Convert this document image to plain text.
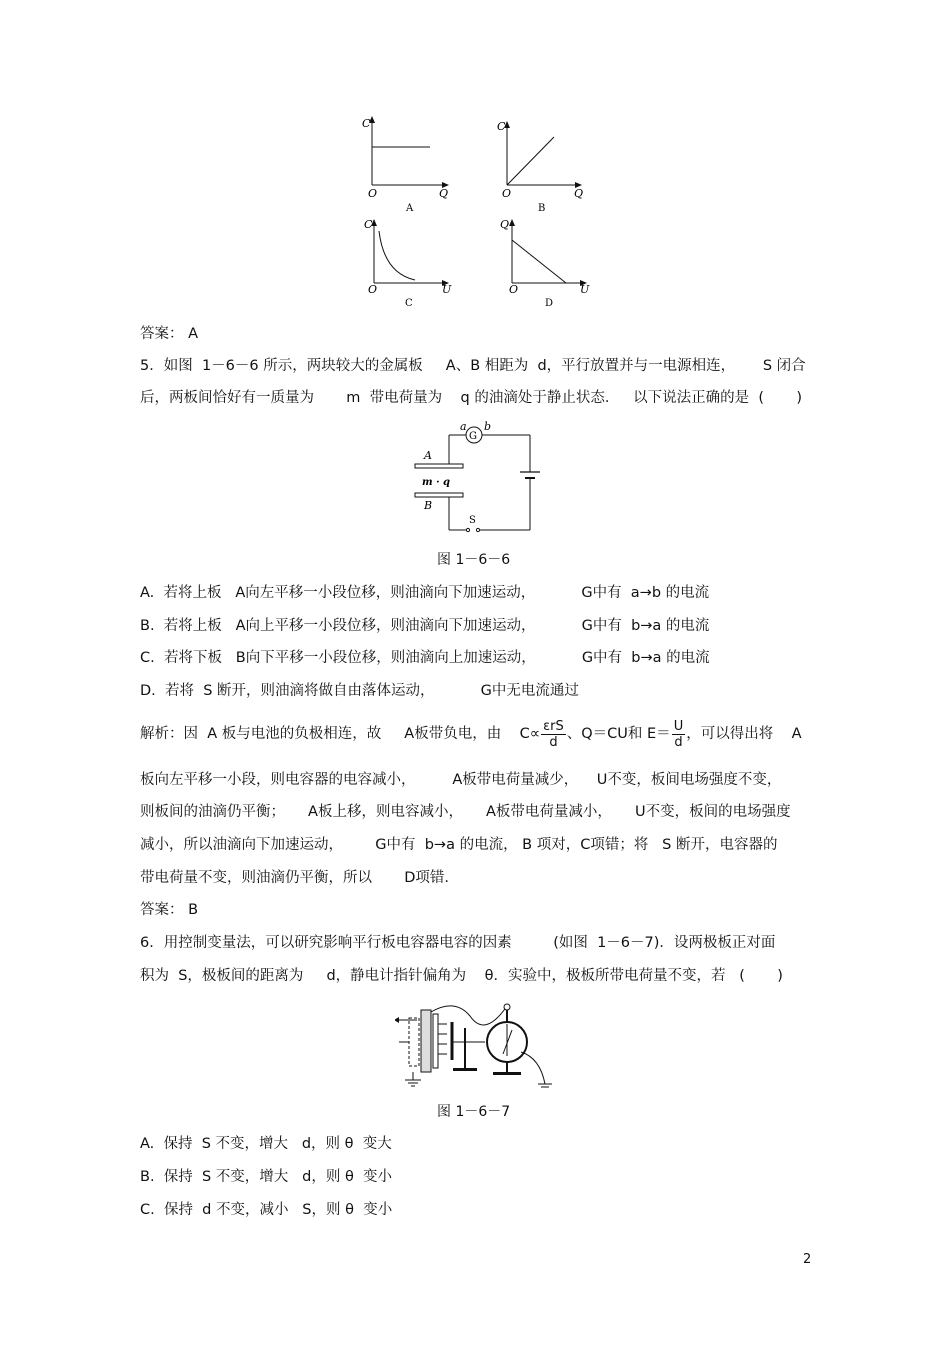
C
Q
O
A
C
Q
O
B
C
U
O
C
Q
U
O
D
答案： A
5．如图  1－6－6 所示，两块较大的金属板     A、B 相距为  d，平行放置并与一电源相连，      S 闭合
后，两板间恰好有一质量为       m  带电荷量为    q 的油滴处于静止状态．   以下说法正确的是  (       )
G
a b
S
A
B
m · q
图 1－6－6
A.  若将上板   A向左平移一小段位移，则油滴向下加速运动，          G中有  a→b 的电流
B.  若将上板   A向上平移一小段位移，则油滴向下加速运动，          G中有  b→a 的电流
C.  若将下板   B向下平移一小段位移，则油滴向上加速运动，          G中有  b→a 的电流
D.  若将  S 断开，则油滴将做自由落体运动，          G中无电流通过
解析：因  A 板与电池的负极相连，故     A板带负电，由    $C\propto \frac{\text{εrS}}{d}$ 、Q＝CU和 $E= \frac{U}{d}$ ，可以得出将    A
板向左平移一小段，则电容器的电容减小，        A板带电荷量减少，    U不变，板间电场强度不变，
则板间的油滴仍平衡；     A板上移，则电容减小，     A板带电荷量减小，     U不变，板间的电场强度
减小，所以油滴向下加速运动，       G中有  b→a 的电流， B 项对，C项错；将   S 断开，电容器的
带电荷量不变，则油滴仍平衡，所以       D项错.
答案： B
6．用控制变量法，可以研究影响平行板电容器电容的因素         (如图  1－6－7)．设两极板正对面
积为  S，极板间的距离为     d，静电计指针偏角为    θ．实验中，极板所带电荷量不变，若   (       )
图 1－6－7
A.  保持  S 不变，增大   d，则 θ  变大
B.  保持  S 不变，增大   d，则 θ  变小
C.  保持  d 不变，减小   S，则 θ  变小
2
